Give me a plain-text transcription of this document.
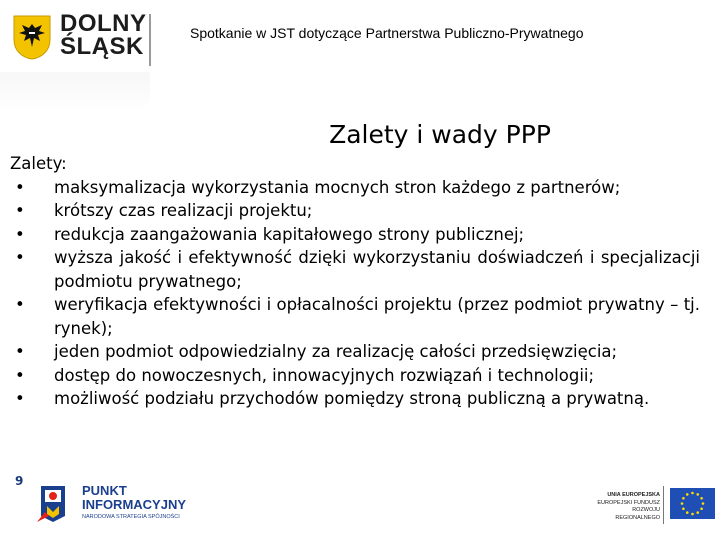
DOLNY
ŚLĄSK	Spotkanie w JST dotyczące Partnerstwa Publiczno-Prywatnego
Zalety i wady PPP
Zalety:
• maksymalizacja wykorzystania mocnych stron każdego z partnerów;
• krótszy czas realizacji projektu;
• redukcja zaangażowania kapitałowego strony publicznej;
• wyższa jakość i efektywność dzięki wykorzystaniu doświadczeń i specjalizacji podmiotu prywatnego;
• weryfikacja efektywności i opłacalności projektu (przez podmiot prywatny – tj. rynek);
• jeden podmiot odpowiedzialny za realizację całości przedsięwzięcia;
• dostęp do nowoczesnych, innowacyjnych rozwiązań i technologii;
• możliwość podziału przychodów pomiędzy stroną publiczną a prywatną.
9
PUNKT
INFORMACYJNY
NARODOWA STRATEGIA SPÓJNOŚCI
UNIA EUROPEJSKA
EUROPEJSKI FUNDUSZ
ROZWOJU REGIONALNEGO
